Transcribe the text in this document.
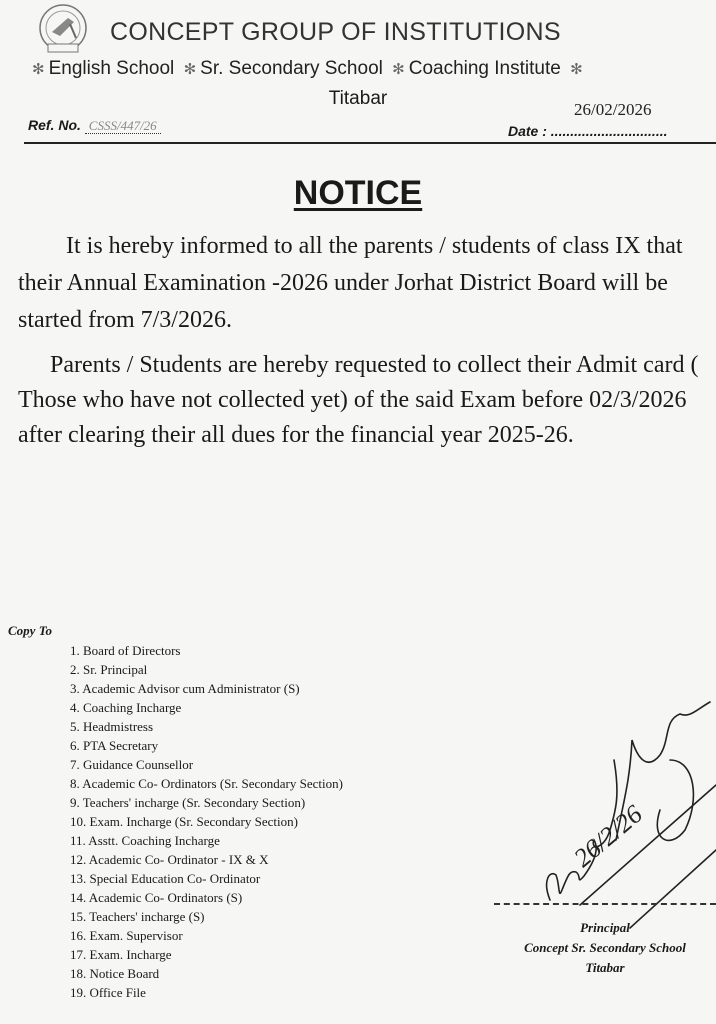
CONCEPT GROUP OF INSTITUTIONS
✻ English School ✻ Sr. Secondary School ✻ Coaching Institute ✻
Titabar
Ref. No. CSSS/447/26
26/02/2026
Date : ..............................
NOTICE
It is hereby informed to all the parents / students of class IX that their Annual Examination -2026 under Jorhat District Board will be started from 7/3/2026.
Parents / Students are hereby requested to collect their Admit card ( Those who have not collected yet) of the said Exam before 02/3/2026 after clearing their all dues for the financial year 2025-26.
Copy To
1. Board of Directors
2. Sr. Principal
3. Academic Advisor cum Administrator (S)
4. Coaching Incharge
5. Headmistress
6. PTA Secretary
7. Guidance Counsellor
8. Academic Co- Ordinators (Sr. Secondary Section)
9. Teachers' incharge (Sr. Secondary Section)
10. Exam. Incharge (Sr. Secondary Section)
11. Asstt. Coaching Incharge
12. Academic Co- Ordinator - IX & X
13. Special Education Co- Ordinator
14. Academic Co- Ordinators (S)
15. Teachers' incharge (S)
16. Exam. Supervisor
17. Exam. Incharge
18. Notice Board
19. Office File
26/2/26
Principal
Concept Sr. Secondary School
Titabar
